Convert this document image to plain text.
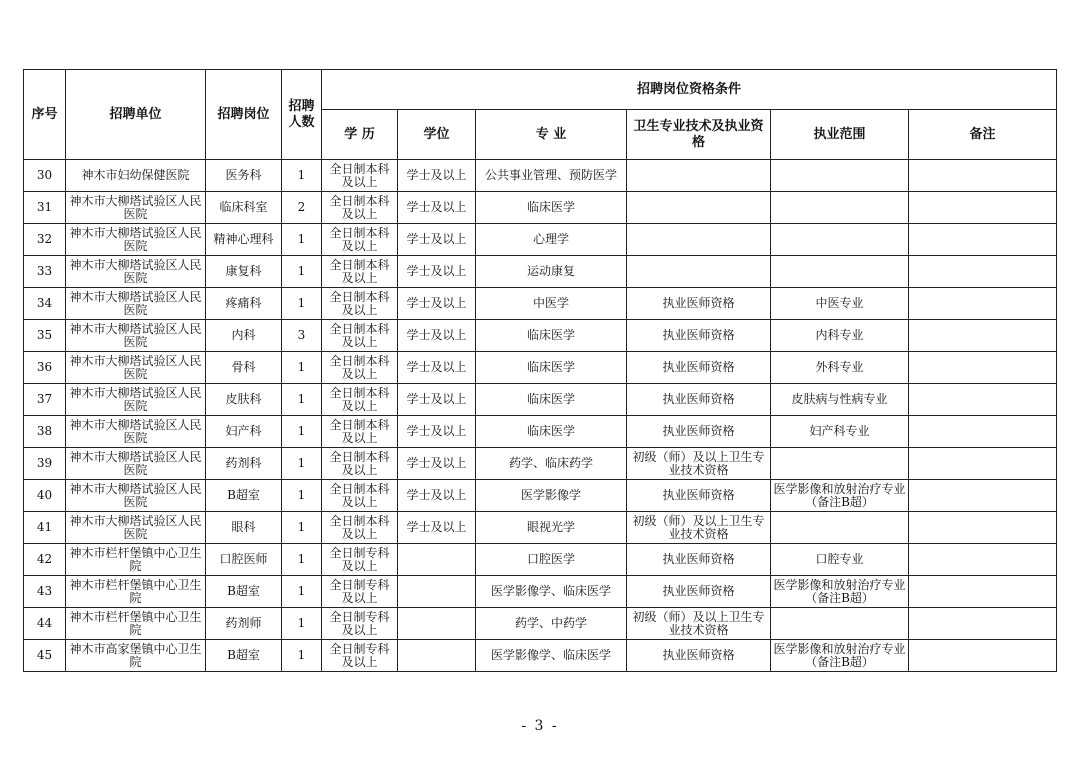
序号	招聘单位	招聘岗位	招聘人数	招聘岗位资格条件					
				学 历	学位	专 业	卫生专业技术及执业资格	执业范围	备注
30	神木市妇幼保健医院	医务科	1	全日制本科及以上	学士及以上	公共事业管理、预防医学			
31	神木市大柳塔试验区人民医院	临床科室	2	全日制本科及以上	学士及以上	临床医学			
32	神木市大柳塔试验区人民医院	精神心理科	1	全日制本科及以上	学士及以上	心理学			
33	神木市大柳塔试验区人民医院	康复科	1	全日制本科及以上	学士及以上	运动康复			
34	神木市大柳塔试验区人民医院	疼痛科	1	全日制本科及以上	学士及以上	中医学	执业医师资格	中医专业	
35	神木市大柳塔试验区人民医院	内科	3	全日制本科及以上	学士及以上	临床医学	执业医师资格	内科专业	
36	神木市大柳塔试验区人民医院	骨科	1	全日制本科及以上	学士及以上	临床医学	执业医师资格	外科专业	
37	神木市大柳塔试验区人民医院	皮肤科	1	全日制本科及以上	学士及以上	临床医学	执业医师资格	皮肤病与性病专业	
38	神木市大柳塔试验区人民医院	妇产科	1	全日制本科及以上	学士及以上	临床医学	执业医师资格	妇产科专业	
39	神木市大柳塔试验区人民医院	药剂科	1	全日制本科及以上	学士及以上	药学、临床药学	初级（师）及以上卫生专业技术资格		
40	神木市大柳塔试验区人民医院	B超室	1	全日制本科及以上	学士及以上	医学影像学	执业医师资格	医学影像和放射治疗专业（备注B超）	
41	神木市大柳塔试验区人民医院	眼科	1	全日制本科及以上	学士及以上	眼视光学	初级（师）及以上卫生专业技术资格		
42	神木市栏杆堡镇中心卫生院	口腔医师	1	全日制专科及以上		口腔医学	执业医师资格	口腔专业	
43	神木市栏杆堡镇中心卫生院	B超室	1	全日制专科及以上		医学影像学、临床医学	执业医师资格	医学影像和放射治疗专业（备注B超）	
44	神木市栏杆堡镇中心卫生院	药剂师	1	全日制专科及以上		药学、中药学	初级（师）及以上卫生专业技术资格		
45	神木市高家堡镇中心卫生院	B超室	1	全日制专科及以上		医学影像学、临床医学	执业医师资格	医学影像和放射治疗专业（备注B超）	
- 3 -
